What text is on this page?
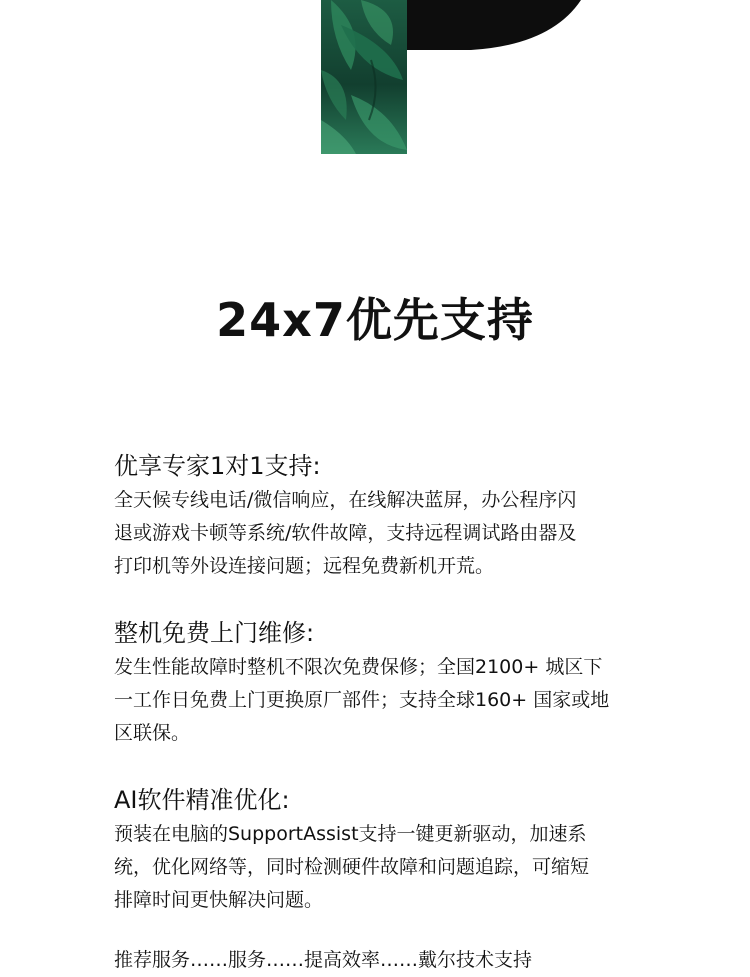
24x7优先支持
优享专家1对1支持:

全天候专线电话/微信响应，在线解决蓝屏，办公程序闪
退或游戏卡顿等系统/软件故障，支持远程调试路由器及
打印机等外设连接问题；远程免费新机开荒。

整机免费上门维修:

发生性能故障时整机不限次免费保修；全国2100+ 城区下
一工作日免费上门更换原厂部件；支持全球160+ 国家或地
区联保。

AI软件精准优化:

预装在电脑的SupportAssist支持一键更新驱动，加速系
统，优化网络等，同时检测硬件故障和问题追踪，可缩短
排障时间更快解决问题。

推荐服务……服务……提高效率……戴尔技术支持
